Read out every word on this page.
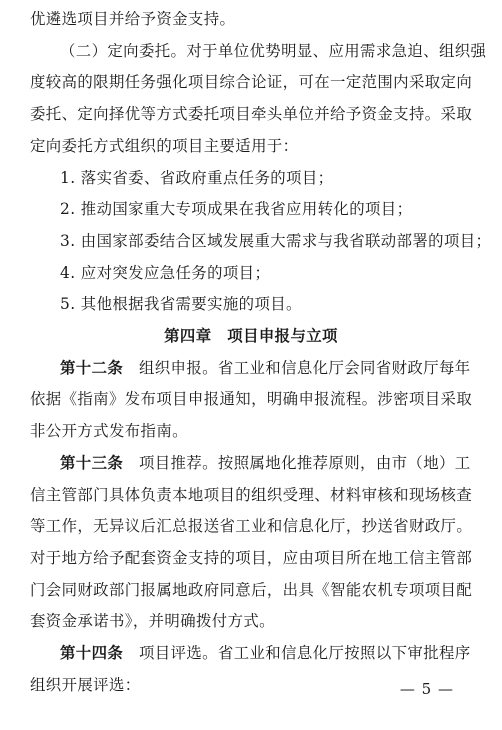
优遴选项目并给予资金支持。
（二）定向委托。对于单位优势明显、应用需求急迫、组织强
度较高的限期任务强化项目综合论证，可在一定范围内采取定向
委托、定向择优等方式委托项目牵头单位并给予资金支持。采取
定向委托方式组织的项目主要适用于：
1. 落实省委、省政府重点任务的项目；
2. 推动国家重大专项成果在我省应用转化的项目；
3. 由国家部委结合区域发展重大需求与我省联动部署的项目；
4. 应对突发应急任务的项目；
5. 其他根据我省需要实施的项目。
第四章　项目申报与立项
第十二条　 组织申报。省工业和信息化厅会同省财政厅每年
依据《指南》发布项目申报通知，明确申报流程。涉密项目采取
非公开方式发布指南。
第十三条　 项目推荐。按照属地化推荐原则，由市（地）工
信主管部门具体负责本地项目的组织受理、材料审核和现场核查
等工作，无异议后汇总报送省工业和信息化厅，抄送省财政厅。
对于地方给予配套资金支持的项目，应由项目所在地工信主管部
门会同财政部门报属地政府同意后，出具《智能农机专项项目配
套资金承诺书》，并明确拨付方式。
第十四条　 项目评选。省工业和信息化厅按照以下审批程序
组织开展评选：	— 5 —
